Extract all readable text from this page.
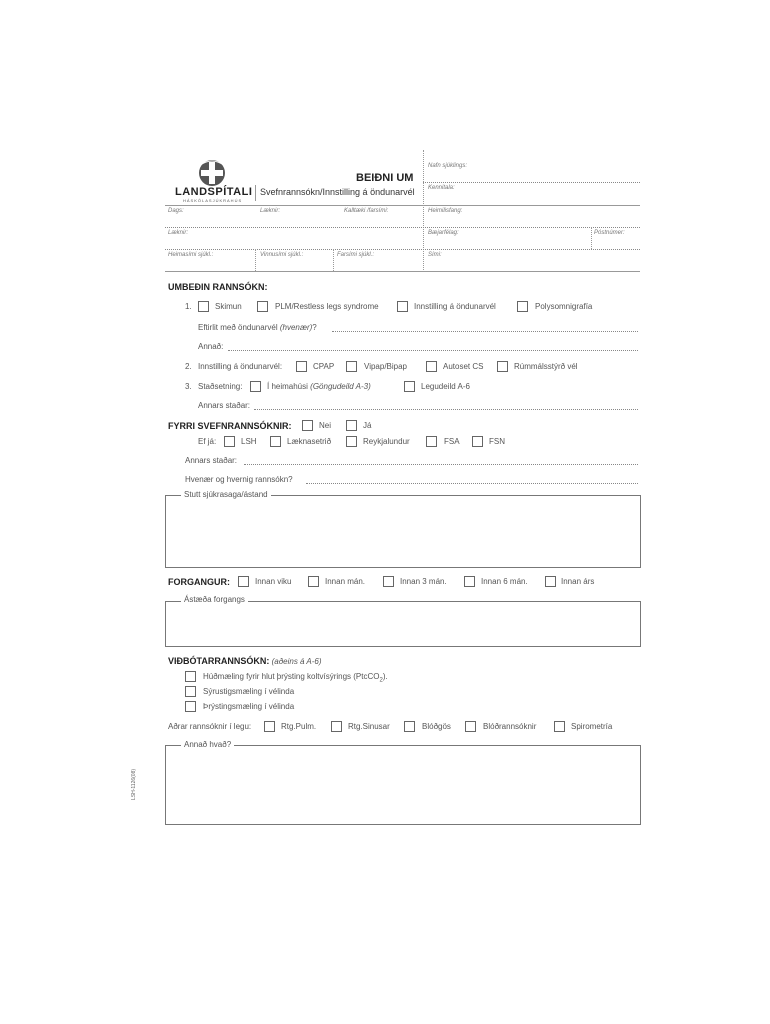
LANDSPÍTALI
HÁSKÓLASJÚKRAHÚS
BEIÐNI UM
Svefnrannsókn/Innstilling á öndunarvél
Nafn sjúklings:
Kennitala:
Dags:	Læknir:	Kalltæki /farsími:	Heimilisfang:
Læknir:	Bæjarfélag:	Póstnúmer:
Heimasími sjúkl.:	Vinnusími sjúkl.:	Farsími sjúkl.:	Sími:
UMBEÐIN RANNSÓKN:
1.	Skimun	PLM/Restless legs syndrome	Innstilling á öndunarvél	Polysomnigrafía
Eftirlit með öndunarvél (hvenær)?
Annað:
2. Innstilling á öndunarvél:	CPAP	Vipap/Bipap	Autoset CS	Rúmmálsstýrð vél
3. Staðsetning:	Í heimahúsi (Göngudeild A-3)	Legudeild A-6
Annars staðar:
FYRRI SVEFNRANNSÓKNIR:	Nei	Já
Ef já:	LSH	Læknasetrið	Reykjalundur	FSA	FSN
Annars staðar:
Hvenær og hvernig rannsókn?
Stutt sjúkrasaga/ástand
FORGANGUR:	Innan viku	Innan mán.	Innan 3 mán.	Innan 6 mán.	Innan árs
Ástæða forgangs
VIÐBÓTARRANNSÓKN: (aðeins á A-6)
Húðmæling fyrir hlut þrýsting koltvísýrings (PtcCO$_2$).
Sýrustigsmæling í vélinda
Þrýstingsmæling í vélinda
Aðrar rannsóknir í legu:	Rtg.Pulm.	Rtg.Sinusar	Blóðgös	Blóðrannsóknir	Spirometría
Annað hvað?
LSH-1126(08)
